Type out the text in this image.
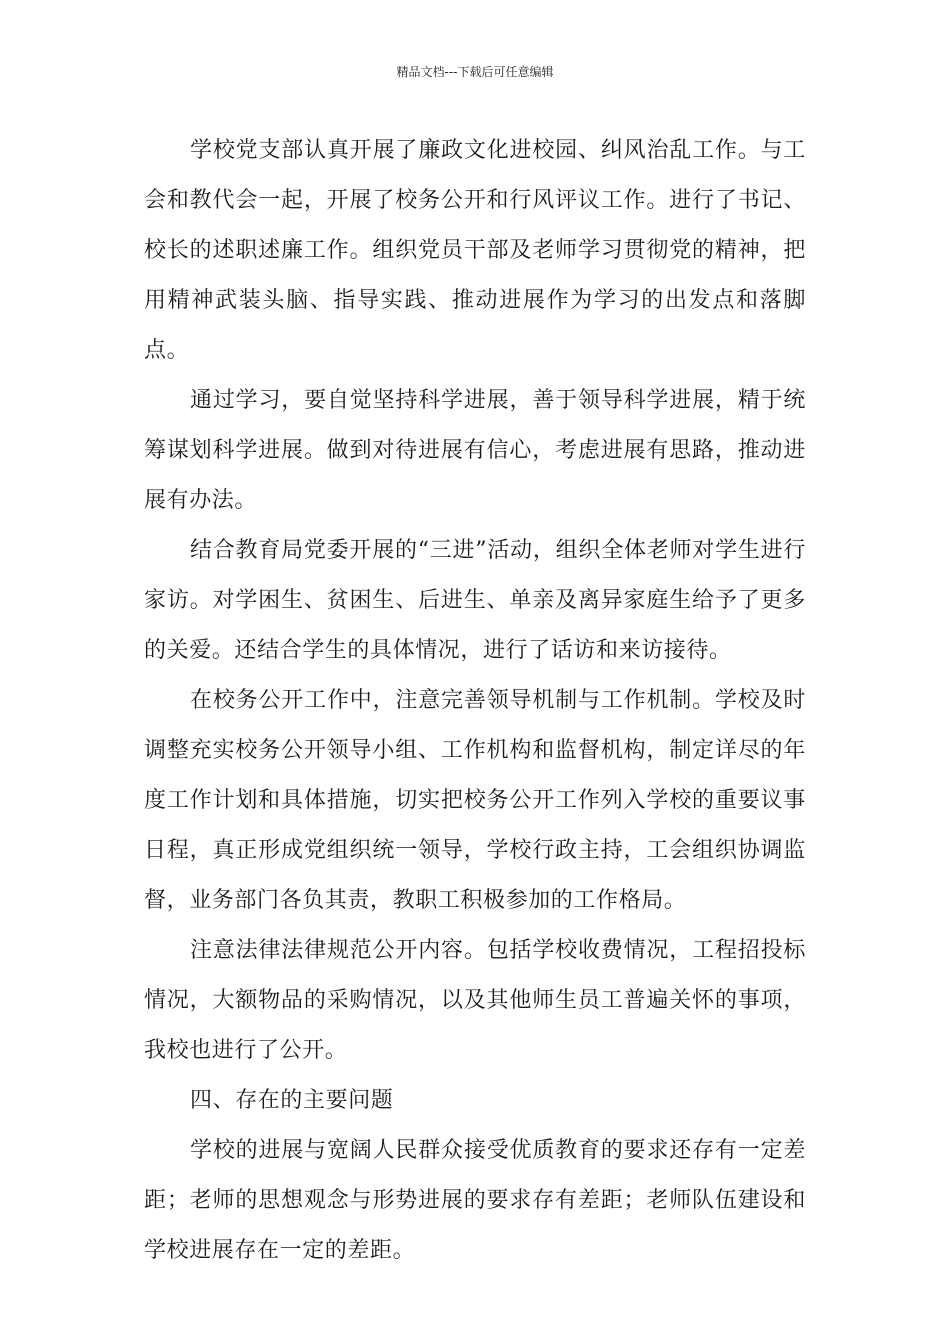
精品文档---下载后可任意编辑

学校党支部认真开展了廉政文化进校园、纠风治乱工作。与工会和教代会一起，开展了校务公开和行风评议工作。进行了书记、校长的述职述廉工作。组织党员干部及老师学习贯彻党的精神，把用精神武装头脑、指导实践、推动进展作为学习的出发点和落脚点。

通过学习，要自觉坚持科学进展，善于领导科学进展，精于统筹谋划科学进展。做到对待进展有信心，考虑进展有思路，推动进展有办法。

结合教育局党委开展的“三进”活动，组织全体老师对学生进行家访。对学困生、贫困生、后进生、单亲及离异家庭生给予了更多的关爱。还结合学生的具体情况，进行了话访和来访接待。

在校务公开工作中，注意完善领导机制与工作机制。学校及时调整充实校务公开领导小组、工作机构和监督机构，制定详尽的年度工作计划和具体措施，切实把校务公开工作列入学校的重要议事日程，真正形成党组织统一领导，学校行政主持，工会组织协调监督，业务部门各负其责，教职工积极参加的工作格局。

注意法律法律规范公开内容。包括学校收费情况，工程招投标情况，大额物品的采购情况，以及其他师生员工普遍关怀的事项，我校也进行了公开。

四、存在的主要问题

学校的进展与宽阔人民群众接受优质教育的要求还存有一定差距；老师的思想观念与形势进展的要求存有差距；老师队伍建设和学校进展存在一定的差距。
